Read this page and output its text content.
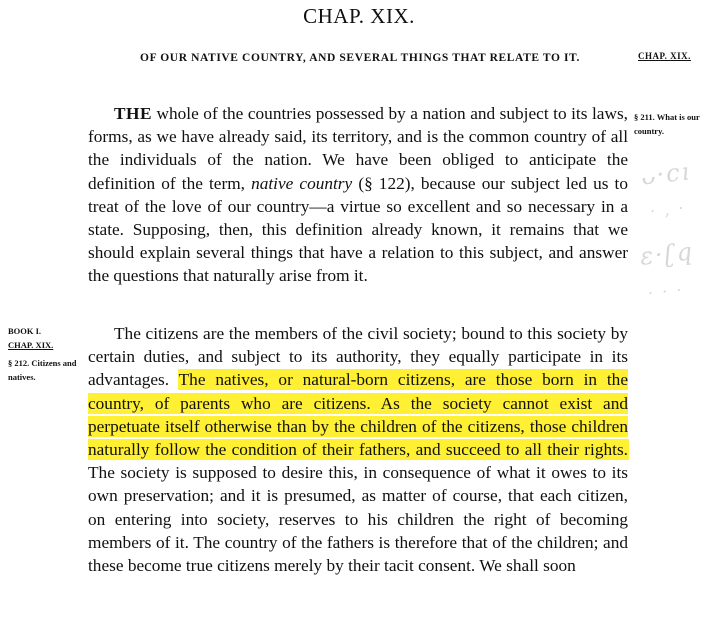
CHAP. XIX.
OF OUR NATIVE COUNTRY, AND SEVERAL THINGS THAT RELATE TO IT.	CHAP. XIX.
§ 211. What is our country.
ᴗ·ϲı
· ‚ ·
ɛ·ʗq
· · ·

THE whole of the countries possessed by a nation and subject to its laws, forms, as we have already said, its territory, and is the common country of all the individuals of the nation. We have been obliged to anticipate the definition of the term, native country (§ 122), because our subject led us to treat of the love of our country—a virtue so excellent and so necessary in a state. Supposing, then, this definition already known, it remains that we should explain several things that have a relation to this subject, and answer the questions that naturally arise from it.

BOOK I.
CHAP. XIX.
§ 212. Citizens and natives.

The citizens are the members of the civil society; bound to this society by certain duties, and subject to its authority, they equally participate in its advantages. The natives, or natural-born citizens, are those born in the country, of parents who are citizens. As the society cannot exist and perpetuate itself otherwise than by the children of the citizens, those children naturally follow the condition of their fathers, and succeed to all their rights. The society is supposed to desire this, in consequence of what it owes to its own preservation; and it is presumed, as matter of course, that each citizen, on entering into society, reserves to his children the right of becoming members of it. The country of the fathers is therefore that of the children; and these become true citizens merely by their tacit consent. We shall soon
